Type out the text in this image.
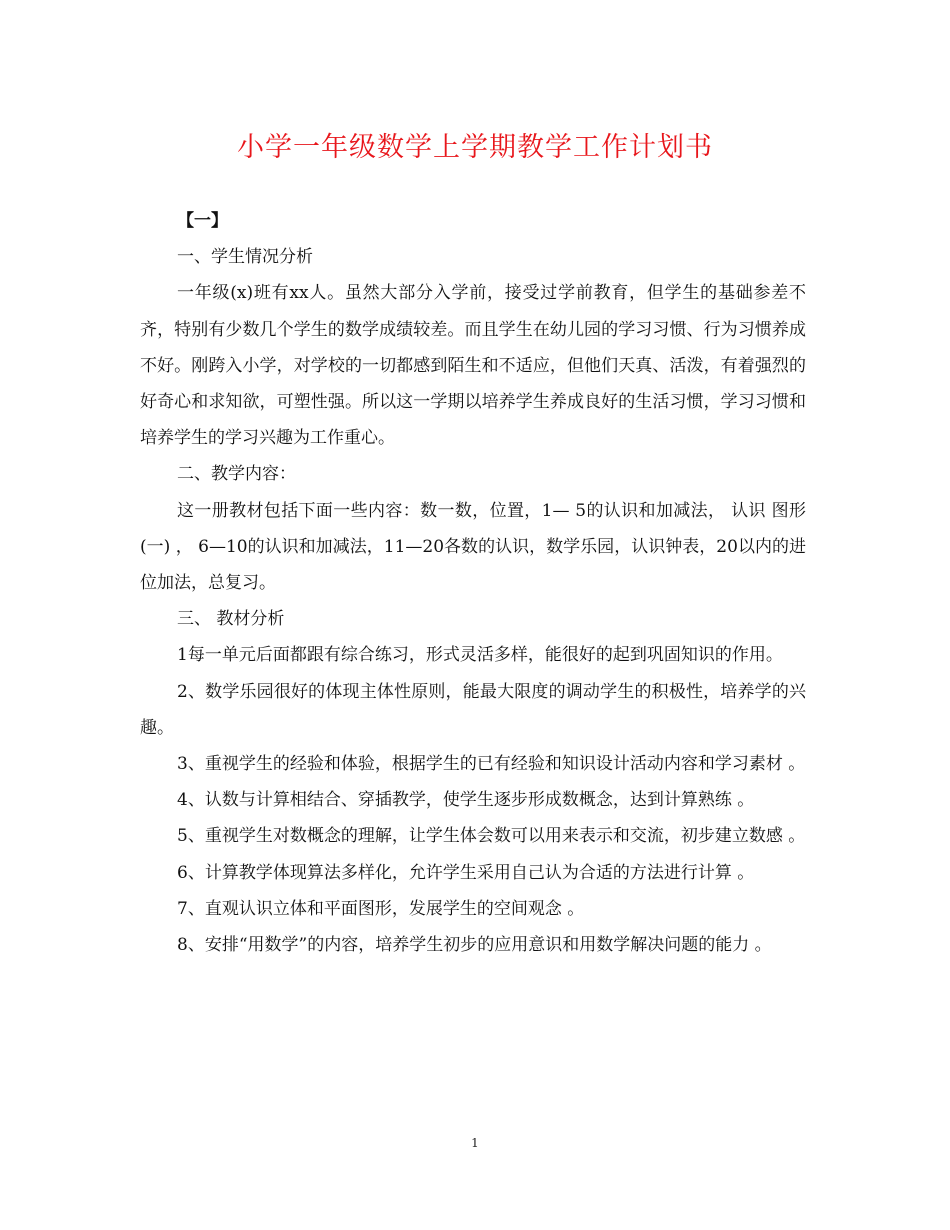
小学一年级数学上学期教学工作计划书

【一】

一、学生情况分析

一年级(x)班有xx人。虽然大部分入学前，接受过学前教育，但学生的基础参差不齐，特别有少数几个学生的数学成绩较差。而且学生在幼儿园的学习习惯、行为习惯养成不好。刚跨入小学，对学校的一切都感到陌生和不适应，但他们天真、活泼，有着强烈的好奇心和求知欲，可塑性强。所以这一学期以培养学生养成良好的生活习惯，学习习惯和培养学生的学习兴趣为工作重心。

二、教学内容：

这一册教材包括下面一些内容：数一数，位置，1— 5的认识和加减法， 认识 图形(一) ， 6—10的认识和加减法，11—20各数的认识，数学乐园，认识钟表，20以内的进位加法，总复习。

三、 教材分析

1每一单元后面都跟有综合练习，形式灵活多样，能很好的起到巩固知识的作用。

2、数学乐园很好的体现主体性原则，能最大限度的调动学生的积极性，培养学的兴趣。

3、重视学生的经验和体验，根据学生的已有经验和知识设计活动内容和学习素材 。

4、认数与计算相结合、穿插教学，使学生逐步形成数概念，达到计算熟练 。

5、重视学生对数概念的理解，让学生体会数可以用来表示和交流，初步建立数感 。

6、计算教学体现算法多样化，允许学生采用自己认为合适的方法进行计算 。

7、直观认识立体和平面图形，发展学生的空间观念 。

8、安排“用数学”的内容，培养学生初步的应用意识和用数学解决问题的能力 。

1
